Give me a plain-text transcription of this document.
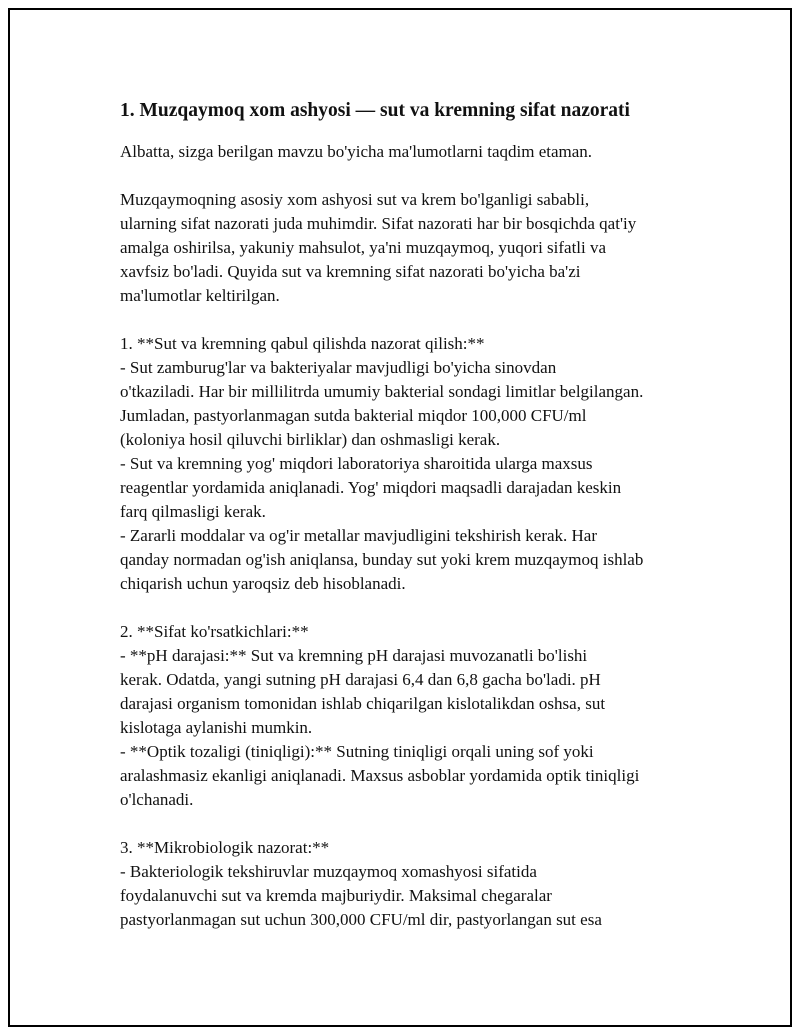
1. Muzqaymoq xom ashyosi — sut va kremning sifat nazorati

Albatta, sizga berilgan mavzu bo'yicha ma'lumotlarni taqdim etaman.

Muzqaymoqning asosiy xom ashyosi sut va krem bo'lganligi sababli,
ularning sifat nazorati juda muhimdir. Sifat nazorati har bir bosqichda qat'iy
amalga oshirilsa, yakuniy mahsulot, ya'ni muzqaymoq, yuqori sifatli va
xavfsiz bo'ladi. Quyida sut va kremning sifat nazorati bo'yicha ba'zi
ma'lumotlar keltirilgan.

1. **Sut va kremning qabul qilishda nazorat qilish:**
- Sut zamburug'lar va bakteriyalar mavjudligi bo'yicha sinovdan
o'tkaziladi. Har bir millilitrda umumiy bakterial sondagi limitlar belgilangan.
Jumladan, pastyorlanmagan sutda bakterial miqdor 100,000 CFU/ml
(koloniya hosil qiluvchi birliklar) dan oshmasligi kerak.
- Sut va kremning yog' miqdori laboratoriya sharoitida ularga maxsus
reagentlar yordamida aniqlanadi. Yog' miqdori maqsadli darajadan keskin
farq qilmasligi kerak.
- Zararli moddalar va og'ir metallar mavjudligini tekshirish kerak. Har
qanday normadan og'ish aniqlansa, bunday sut yoki krem muzqaymoq ishlab
chiqarish uchun yaroqsiz deb hisoblanadi.

2. **Sifat ko'rsatkichlari:**
- **pH darajasi:** Sut va kremning pH darajasi muvozanatli bo'lishi
kerak. Odatda, yangi sutning pH darajasi 6,4 dan 6,8 gacha bo'ladi. pH
darajasi organism tomonidan ishlab chiqarilgan kislotalikdan oshsa, sut
kislotaga aylanishi mumkin.
- **Optik tozaligi (tiniqligi):** Sutning tiniqligi orqali uning sof yoki
aralashmasiz ekanligi aniqlanadi. Maxsus asboblar yordamida optik tiniqligi
o'lchanadi.

3. **Mikrobiologik nazorat:**
- Bakteriologik tekshiruvlar muzqaymoq xomashyosi sifatida
foydalanuvchi sut va kremda majburiydir. Maksimal chegaralar
pastyorlanmagan sut uchun 300,000 CFU/ml dir, pastyorlangan sut esa
